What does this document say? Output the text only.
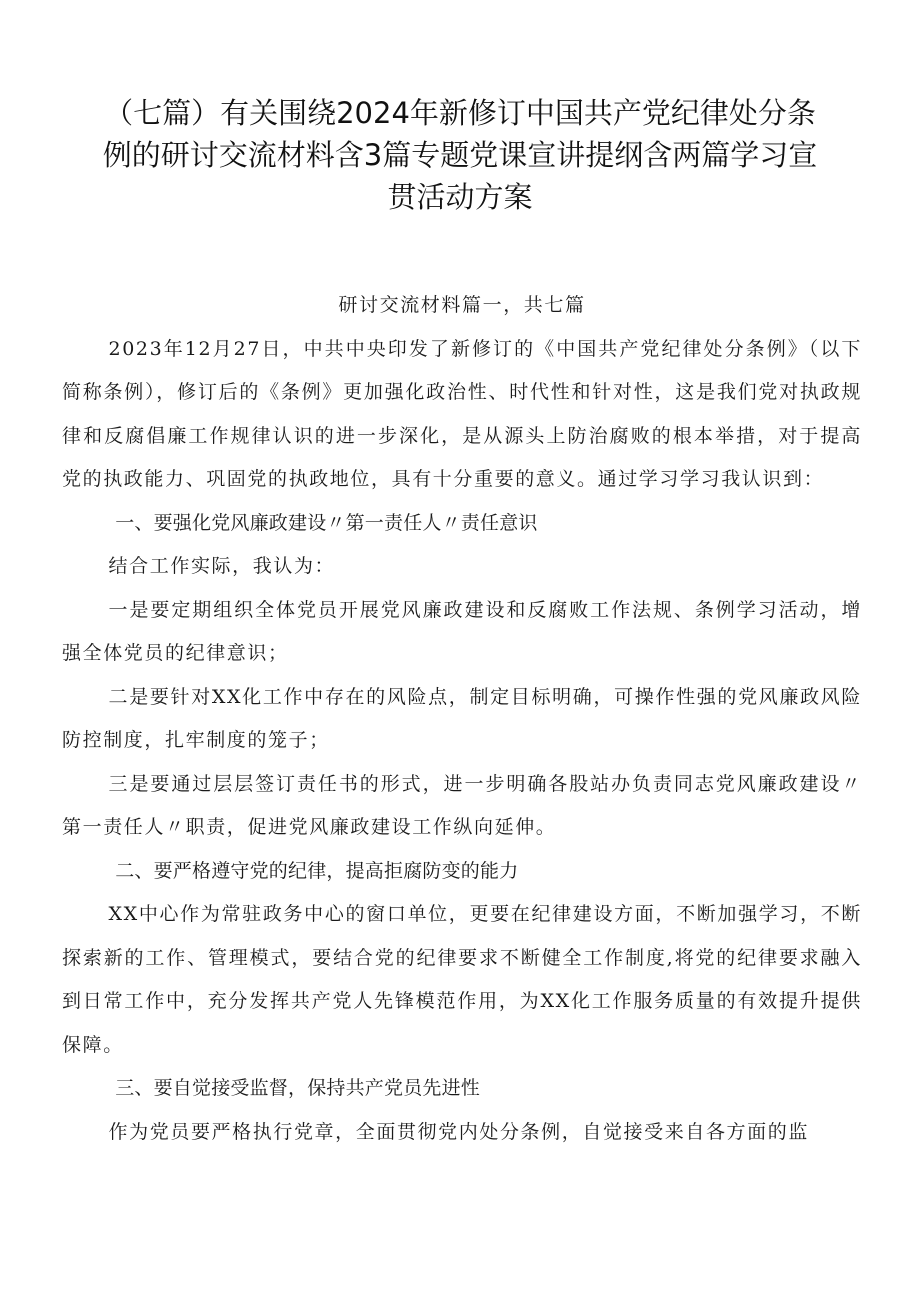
（七篇）有关围绕2024年新修订中国共产党纪律处分条例的研讨交流材料含3篇专题党课宣讲提纲含两篇学习宣贯活动方案

研讨交流材料篇一，共七篇

2023年12月27日，中共中央印发了新修订的《中国共产党纪律处分条例》（以下简称条例），修订后的《条例》更加强化政治性、时代性和针对性，这是我们党对执政规律和反腐倡廉工作规律认识的进一步深化，是从源头上防治腐败的根本举措，对于提高党的执政能力、巩固党的执政地位，具有十分重要的意义。通过学习学习我认识到：

一、要强化党风廉政建设〃第一责任人〃责任意识

结合工作实际，我认为：

一是要定期组织全体党员开展党风廉政建设和反腐败工作法规、条例学习活动，增强全体党员的纪律意识；

二是要针对XX化工作中存在的风险点，制定目标明确，可操作性强的党风廉政风险防控制度，扎牢制度的笼子；

三是要通过层层签订责任书的形式，进一步明确各股站办负责同志党风廉政建设〃第一责任人〃职责，促进党风廉政建设工作纵向延伸。

二、要严格遵守党的纪律，提高拒腐防变的能力

XX中心作为常驻政务中心的窗口单位，更要在纪律建设方面，不断加强学习，不断探索新的工作、管理模式，要结合党的纪律要求不断健全工作制度,将党的纪律要求融入到日常工作中，充分发挥共产党人先锋模范作用，为XX化工作服务质量的有效提升提供保障。

三、要自觉接受监督，保持共产党员先进性

作为党员要严格执行党章，全面贯彻党内处分条例，自觉接受来自各方面的监
